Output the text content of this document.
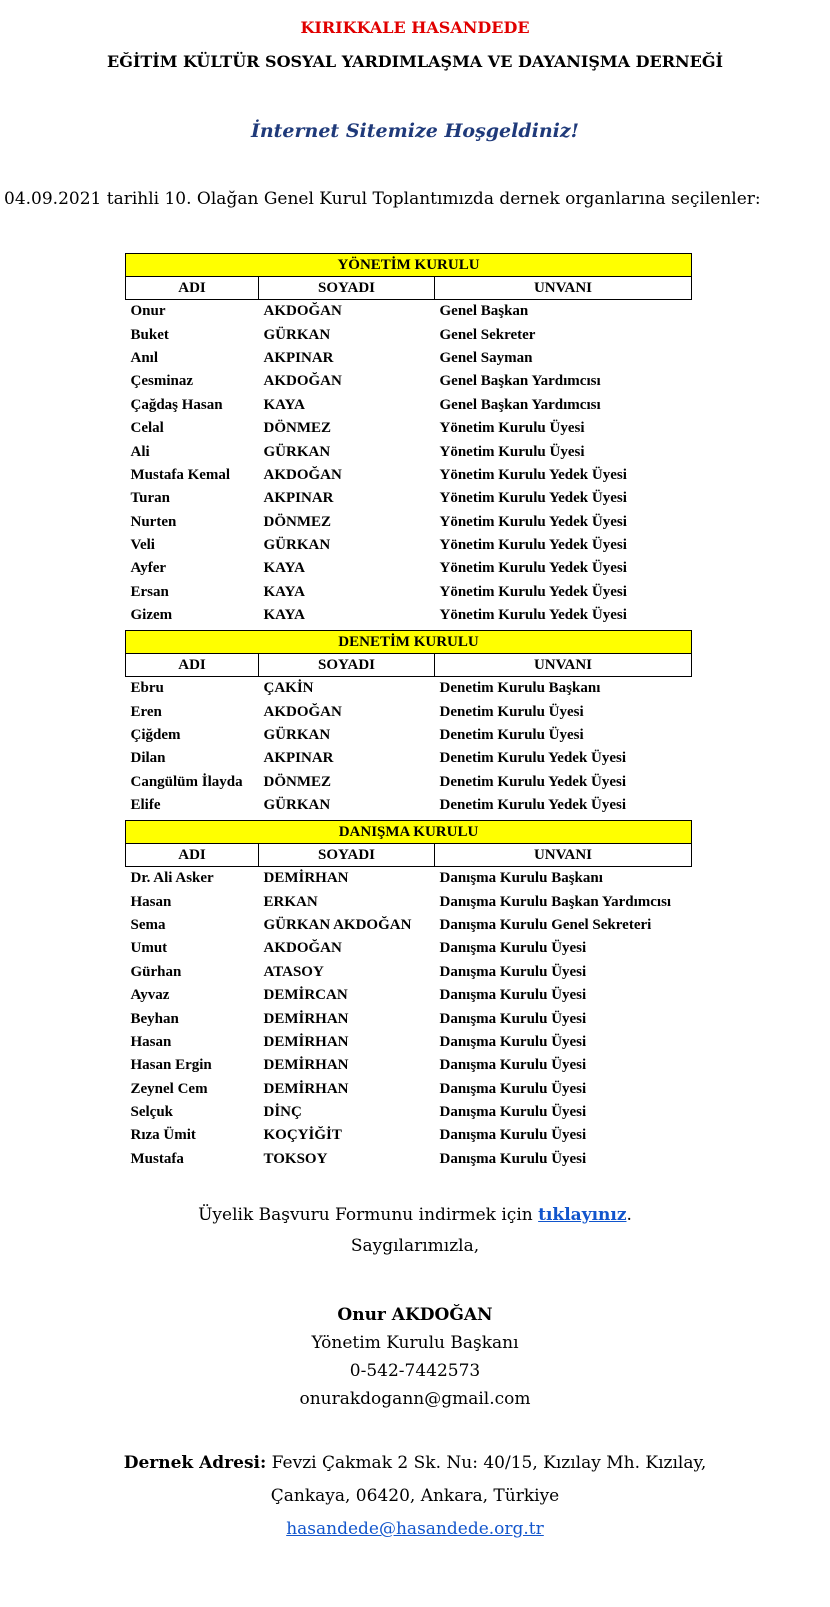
KIRIKKALE HASANDEDE
EĞİTİM KÜLTÜR SOSYAL YARDIMLAŞMA VE DAYANIŞMA DERNEĞİ
İnternet Sitemize Hoşgeldiniz!
04.09.2021 tarihli 10. Olağan Genel Kurul Toplantımızda dernek organlarına seçilenler:
YÖNETİM KURULU		
ADI	SOYADI	UNVANI
Onur	AKDOĞAN	Genel Başkan
Buket	GÜRKAN	Genel Sekreter
Anıl	AKPINAR	Genel Sayman
Çesminaz	AKDOĞAN	Genel Başkan Yardımcısı
Çağdaş Hasan	KAYA	Genel Başkan Yardımcısı
Celal	DÖNMEZ	Yönetim Kurulu Üyesi
Ali	GÜRKAN	Yönetim Kurulu Üyesi
Mustafa Kemal	AKDOĞAN	Yönetim Kurulu Yedek Üyesi
Turan	AKPINAR	Yönetim Kurulu Yedek Üyesi
Nurten	DÖNMEZ	Yönetim Kurulu Yedek Üyesi
Veli	GÜRKAN	Yönetim Kurulu Yedek Üyesi
Ayfer	KAYA	Yönetim Kurulu Yedek Üyesi
Ersan	KAYA	Yönetim Kurulu Yedek Üyesi
Gizem	KAYA	Yönetim Kurulu Yedek Üyesi
DENETİM KURULU		
ADI	SOYADI	UNVANI
Ebru	ÇAKİN	Denetim Kurulu Başkanı
Eren	AKDOĞAN	Denetim Kurulu Üyesi
Çiğdem	GÜRKAN	Denetim Kurulu Üyesi
Dilan	AKPINAR	Denetim Kurulu Yedek Üyesi
Cangülüm İlayda	DÖNMEZ	Denetim Kurulu Yedek Üyesi
Elife	GÜRKAN	Denetim Kurulu Yedek Üyesi
DANIŞMA KURULU		
ADI	SOYADI	UNVANI
Dr. Ali Asker	DEMİRHAN	Danışma Kurulu Başkanı
Hasan	ERKAN	Danışma Kurulu Başkan Yardımcısı
Sema	GÜRKAN AKDOĞAN	Danışma Kurulu Genel Sekreteri
Umut	AKDOĞAN	Danışma Kurulu Üyesi
Gürhan	ATASOY	Danışma Kurulu Üyesi
Ayvaz	DEMİRCAN	Danışma Kurulu Üyesi
Beyhan	DEMİRHAN	Danışma Kurulu Üyesi
Hasan	DEMİRHAN	Danışma Kurulu Üyesi
Hasan Ergin	DEMİRHAN	Danışma Kurulu Üyesi
Zeynel Cem	DEMİRHAN	Danışma Kurulu Üyesi
Selçuk	DİNÇ	Danışma Kurulu Üyesi
Rıza Ümit	KOÇYİĞİT	Danışma Kurulu Üyesi
Mustafa	TOKSOY	Danışma Kurulu Üyesi
Üyelik Başvuru Formunu indirmek için tıklayınız.
Saygılarımızla,
Onur AKDOĞAN
Yönetim Kurulu Başkanı
0-542-7442573
onurakdogann@gmail.com
Dernek Adresi: Fevzi Çakmak 2 Sk. Nu: 40/15, Kızılay Mh. Kızılay,
Çankaya, 06420, Ankara, Türkiye
hasandede@hasandede.org.tr
